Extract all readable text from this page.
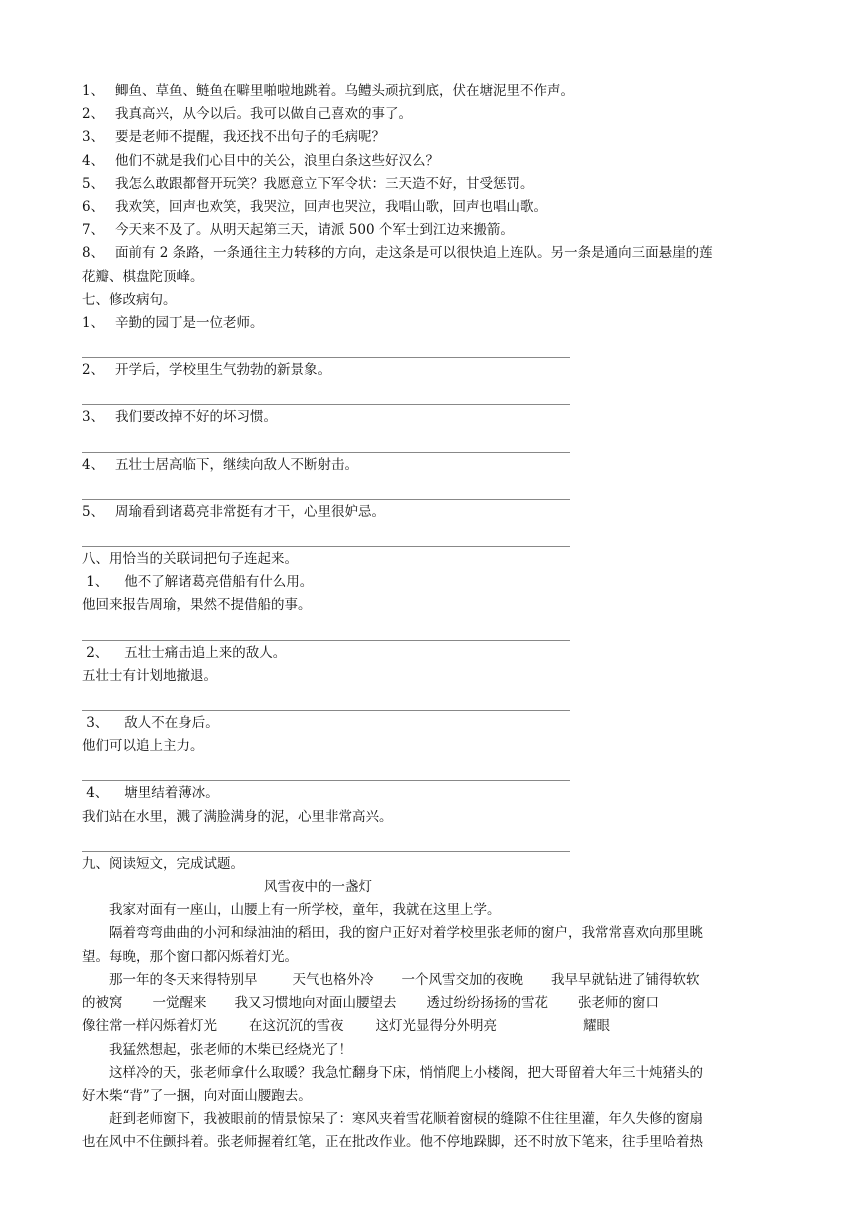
1、 鲫鱼、草鱼、鲢鱼在噼里啪啦地跳着。乌鳢头顽抗到底，伏在塘泥里不作声。
2、 我真高兴，从今以后。我可以做自己喜欢的事了。
3、 要是老师不提醒，我还找不出句子的毛病呢？
4、 他们不就是我们心目中的关公，浪里白条这些好汉么？
5、 我怎么敢跟都督开玩笑？我愿意立下军令状：三天造不好，甘受惩罚。
6、 我欢笑，回声也欢笑，我哭泣，回声也哭泣，我唱山歌，回声也唱山歌。
7、 今天来不及了。从明天起第三天，请派 500 个军士到江边来搬箭。
8、 面前有 2 条路，一条通往主力转移的方向，走这条是可以很快追上连队。另一条是通向三面悬崖的莲
花瓣、棋盘陀顶峰。
七、修改病句。
1、 辛勤的园丁是一位老师。
2、 开学后，学校里生气勃勃的新景象。
3、 我们要改掉不好的坏习惯。
4、 五壮士居高临下，继续向敌人不断射击。
5、 周瑜看到诸葛亮非常挺有才干，心里很妒忌。
八、用恰当的关联词把句子连起来。
1、 他不了解诸葛亮借船有什么用。
他回来报告周瑜，果然不提借船的事。
2、 五壮士痛击追上来的敌人。
五壮士有计划地撤退。
3、 敌人不在身后。
他们可以追上主力。
4、 塘里结着薄冰。
我们站在水里，溅了满脸满身的泥，心里非常高兴。
九、阅读短文，完成试题。
风雪夜中的一盏灯
我家对面有一座山，山腰上有一所学校，童年，我就在这里上学。
隔着弯弯曲曲的小河和绿油油的稻田，我的窗户正好对着学校里张老师的窗户，我常常喜欢向那里眺
望。每晚，那个窗口都闪烁着灯光。
那一年的冬天来得特别早	天气也格外冷 一个风雪交加的夜晚 我早早就钻进了铺得软软
的被窝 一觉醒来 我又习惯地向对面山腰望去 透过纷纷扬扬的雪花 张老师的窗口
像往常一样闪烁着灯光 在这沉沉的雪夜 这灯光显得分外明亮	耀眼
我猛然想起，张老师的木柴已经烧光了！
这样冷的天，张老师拿什么取暖？我急忙翻身下床，悄悄爬上小楼阁，把大哥留着大年三十炖猪头的
好木柴“背”了一捆，向对面山腰跑去。
赶到老师窗下，我被眼前的情景惊呆了：寒风夹着雪花顺着窗棂的缝隙不住往里灌，年久失修的窗扇
也在风中不住颤抖着。张老师握着红笔，正在批改作业。他不停地跺脚，还不时放下笔来，往手里哈着热
